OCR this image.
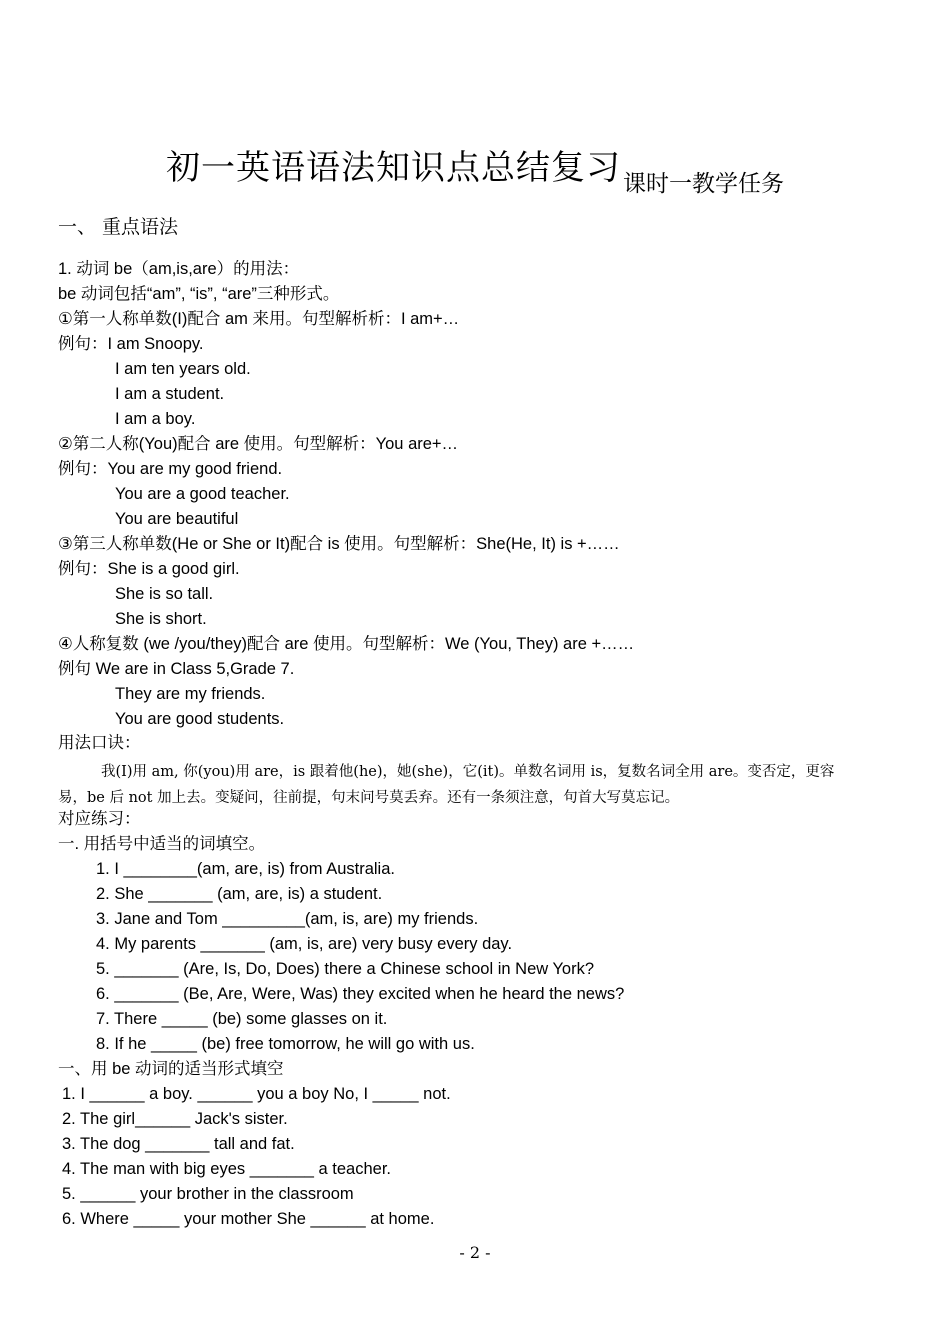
初一英语语法知识点总结复习课时一教学任务
一、 重点语法
1. 动词 be（am,is,are）的用法：
be 动词包括“am”, “is”, “are”三种形式。
①第一人称单数(I)配合 am 来用。句型解析析：I am+…
例句：I am Snoopy.
I am ten years old.
I am a student.
I am a boy.
②第二人称(You)配合 are 使用。句型解析：You are+…
例句：You are my good friend.
You are a good teacher.
You are beautiful
③第三人称单数(He or She or It)配合 is 使用。句型解析：She(He, It) is +……
例句：She is a good girl.
She is so tall.
She is short.
④人称复数 (we /you/they)配合 are 使用。句型解析：We (You, They) are +……
例句 We are in Class 5,Grade 7.
They are my friends.
You are good students.
用法口诀：

我(I)用 am, 你(you)用 are，is 跟着他(he)，她(she)，它(it)。单数名词用 is，复数名词全用 are。变否定，更容

易，be 后 not 加上去。变疑问，往前提，句末问号莫丢弃。还有一条须注意，句首大写莫忘记。

对应练习：
一. 用括号中适当的词填空。
1. I ________(am, are, is) from Australia.
2. She _______ (am, are, is) a student.
3. Jane and Tom _________(am, is, are) my friends.
4. My parents _______ (am, is, are) very busy every day.
5. _______ (Are, Is, Do, Does) there a Chinese school in New York?
6. _______ (Be, Are, Were, Was) they excited when he heard the news?
7. There _____ (be) some glasses on it.
8. If he _____ (be) free tomorrow, he will go with us.
一、用 be 动词的适当形式填空
1. I ______ a boy. ______ you a boy No, I _____ not.
2. The girl______ Jack's sister.
3. The dog _______ tall and fat.
4. The man with big eyes _______ a teacher.
5. ______ your brother in the classroom
6. Where _____ your mother She ______ at home.
- 2 -
